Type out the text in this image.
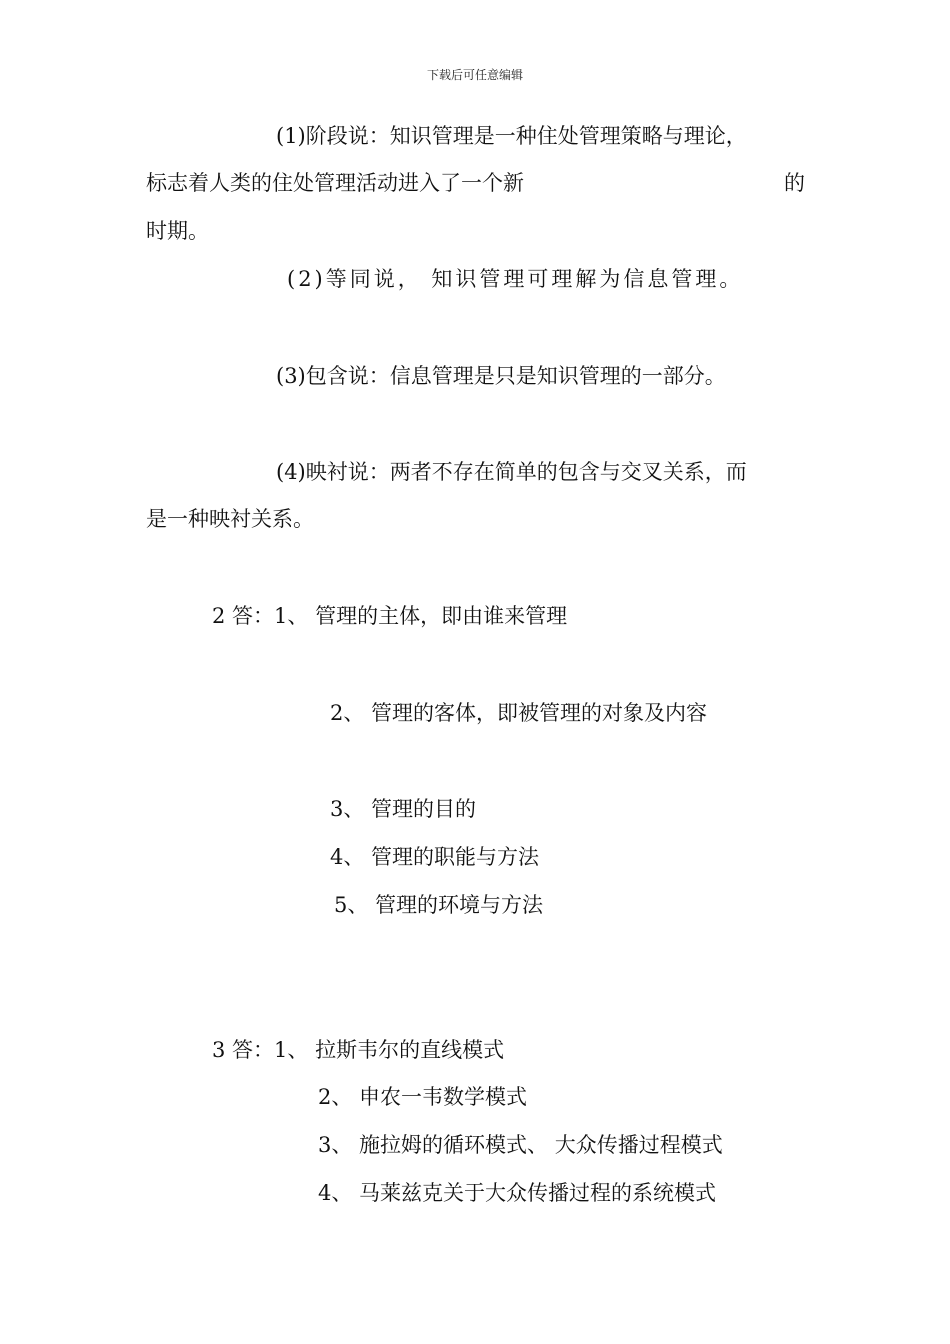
下载后可任意编辑
(1)阶段说：知识管理是一种住处管理策略与理论，
标志着人类的住处管理活动进入了一个新	的
时期。
(2)等同说， 知识管理可理解为信息管理。
(3)包含说：信息管理是只是知识管理的一部分。
(4)映衬说：两者不存在简单的包含与交叉关系，而
是一种映衬关系。
2 答：1、 管理的主体，即由谁来管理
2、 管理的客体，即被管理的对象及内容
3、 管理的目的
4、 管理的职能与方法
5、 管理的环境与方法
3 答：1、 拉斯韦尔的直线模式
2、 申农一韦数学模式
3、 施拉姆的循环模式、 大众传播过程模式
4、 马莱兹克关于大众传播过程的系统模式
